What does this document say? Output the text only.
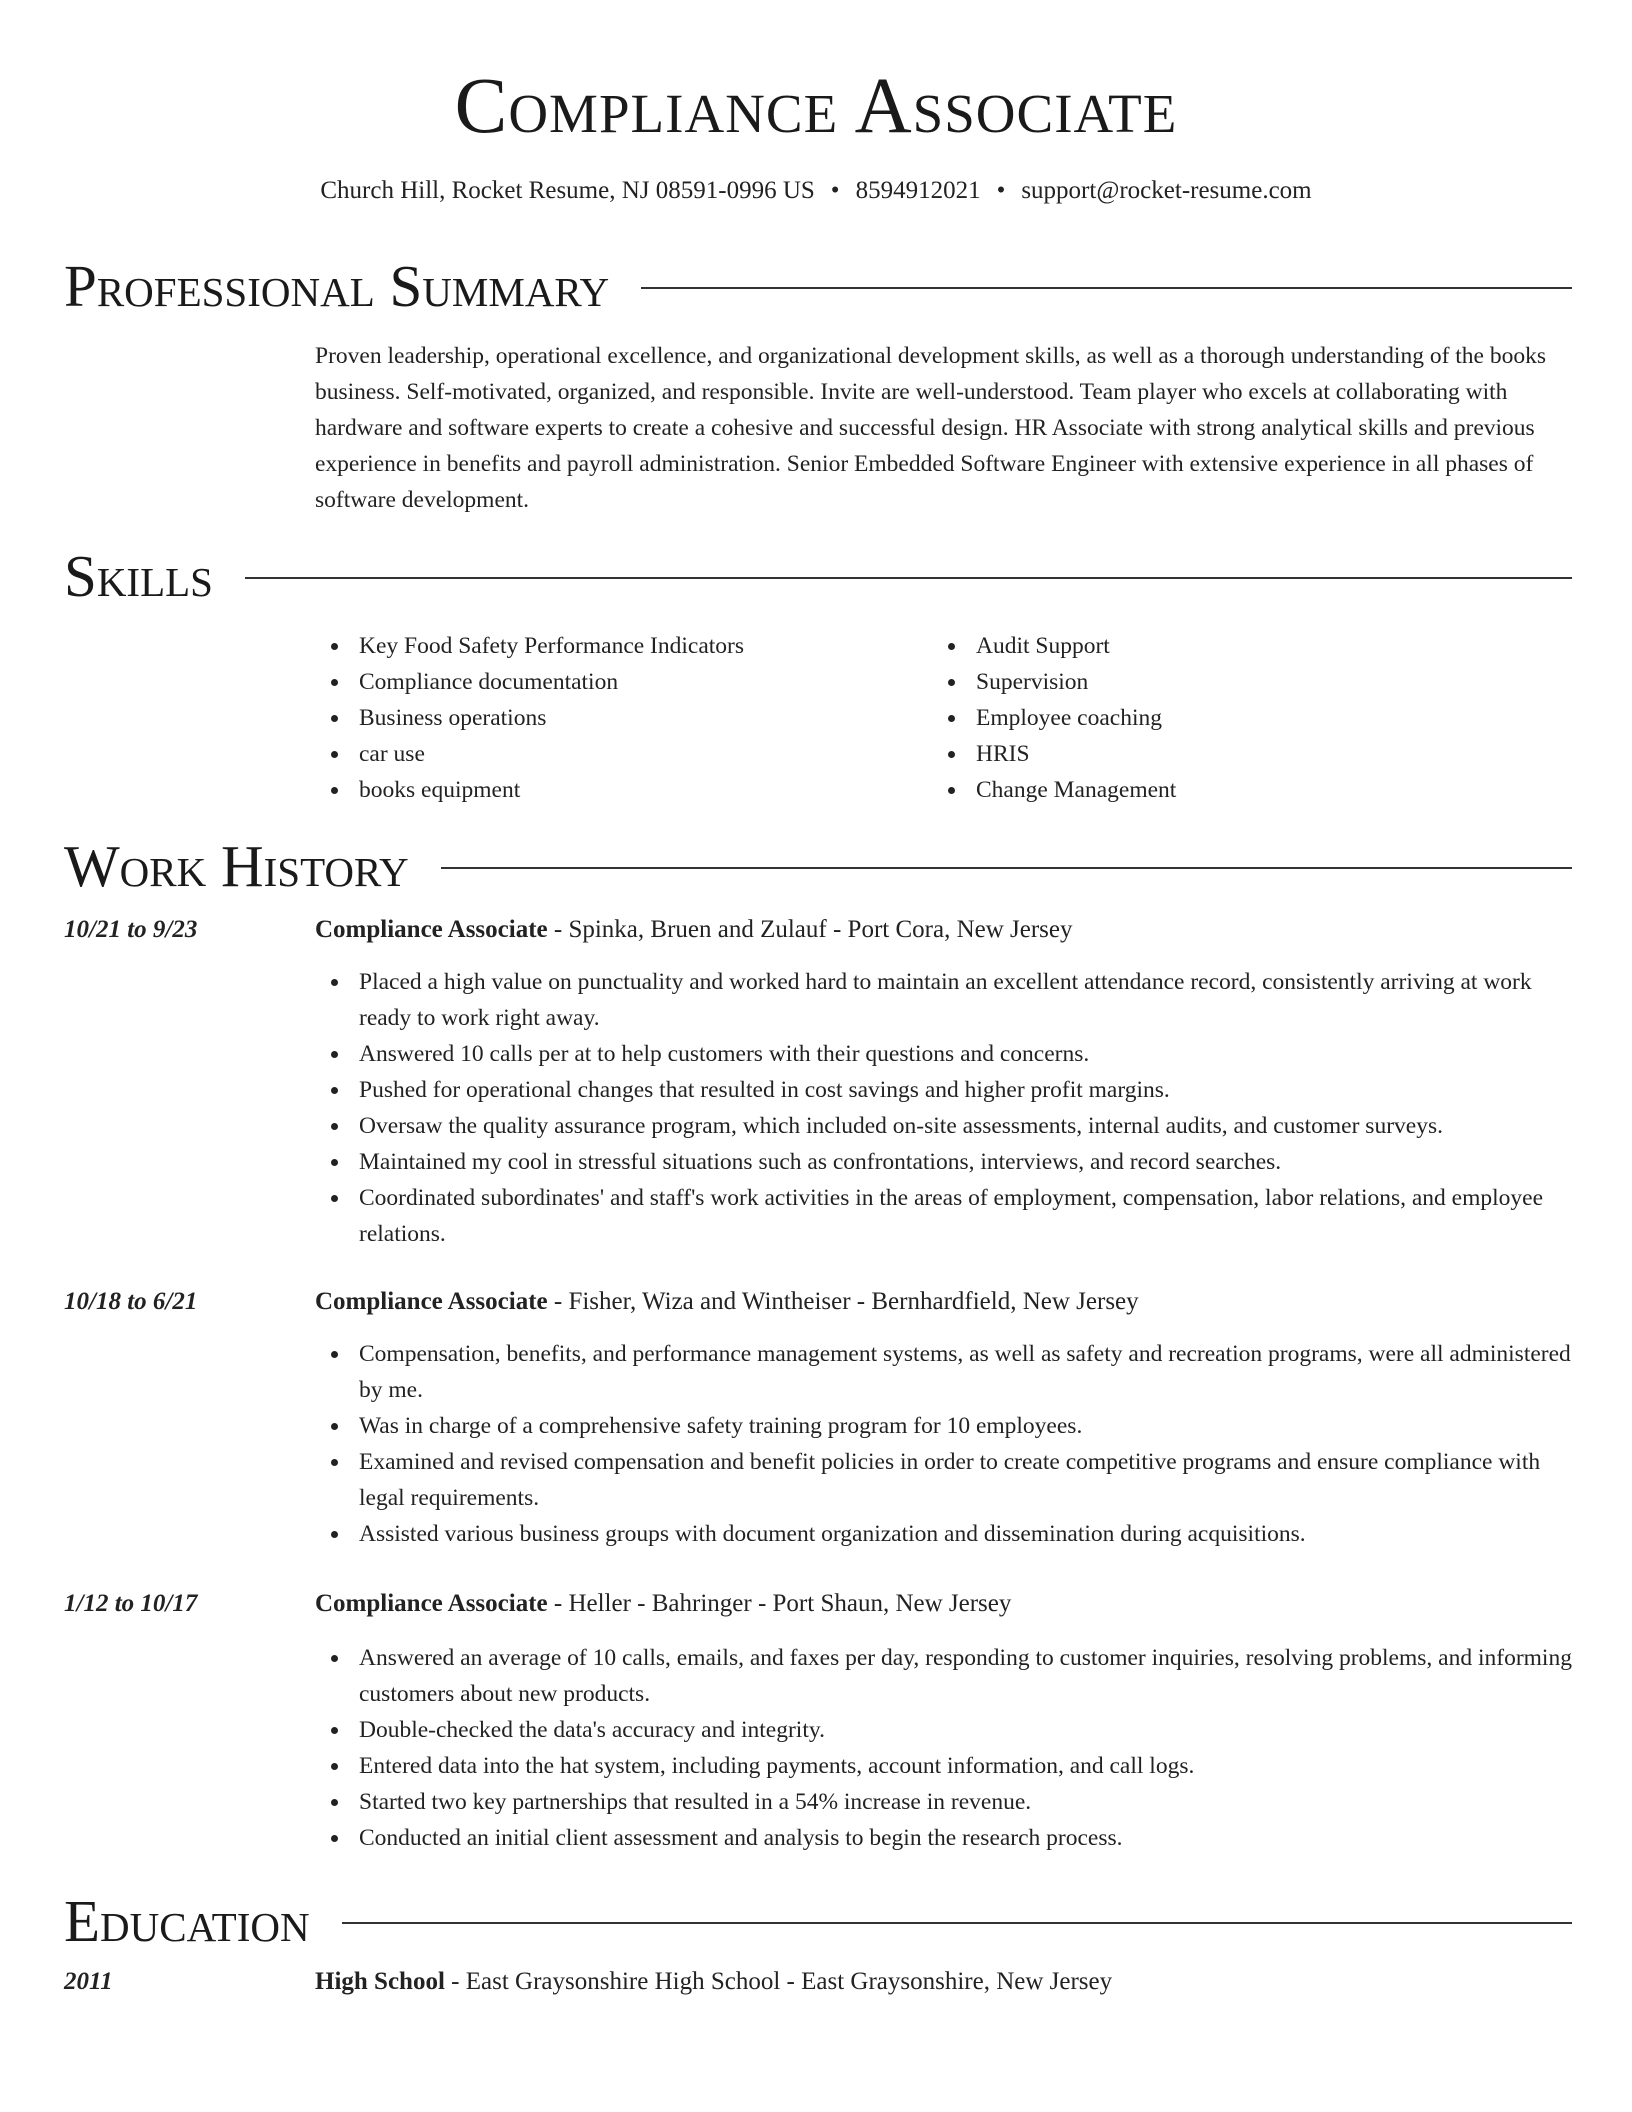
Compliance Associate
Church Hill, Rocket Resume, NJ 08591-0996 US • 8594912021 • support@rocket-resume.com
Professional Summary

Proven leadership, operational excellence, and organizational development skills, as well as a thorough understanding of the books business. Self-motivated, organized, and responsible. Invite are well-understood. Team player who excels at collaborating with hardware and software experts to create a cohesive and successful design. HR Associate with strong analytical skills and previous experience in benefits and payroll administration. Senior Embedded Software Engineer with extensive experience in all phases of software development.

Skills
Key Food Safety Performance Indicators
Compliance documentation
Business operations
car use
books equipment
Audit Support
Supervision
Employee coaching
HRIS
Change Management
Work History
10/21 to 9/23	Compliance Associate - Spinka, Bruen and Zulauf - Port Cora, New Jersey
Placed a high value on punctuality and worked hard to maintain an excellent attendance record, consistently arriving at work ready to work right away.
Answered 10 calls per at to help customers with their questions and concerns.
Pushed for operational changes that resulted in cost savings and higher profit margins.
Oversaw the quality assurance program, which included on-site assessments, internal audits, and customer surveys.
Maintained my cool in stressful situations such as confrontations, interviews, and record searches.
Coordinated subordinates' and staff's work activities in the areas of employment, compensation, labor relations, and employee relations.
10/18 to 6/21	Compliance Associate - Fisher, Wiza and Wintheiser - Bernhardfield, New Jersey
Compensation, benefits, and performance management systems, as well as safety and recreation programs, were all administered by me.
Was in charge of a comprehensive safety training program for 10 employees.
Examined and revised compensation and benefit policies in order to create competitive programs and ensure compliance with legal requirements.
Assisted various business groups with document organization and dissemination during acquisitions.
1/12 to 10/17	Compliance Associate - Heller - Bahringer - Port Shaun, New Jersey
Answered an average of 10 calls, emails, and faxes per day, responding to customer inquiries, resolving problems, and informing customers about new products.
Double-checked the data's accuracy and integrity.
Entered data into the hat system, including payments, account information, and call logs.
Started two key partnerships that resulted in a 54% increase in revenue.
Conducted an initial client assessment and analysis to begin the research process.
Education
2011	High School - East Graysonshire High School - East Graysonshire, New Jersey
